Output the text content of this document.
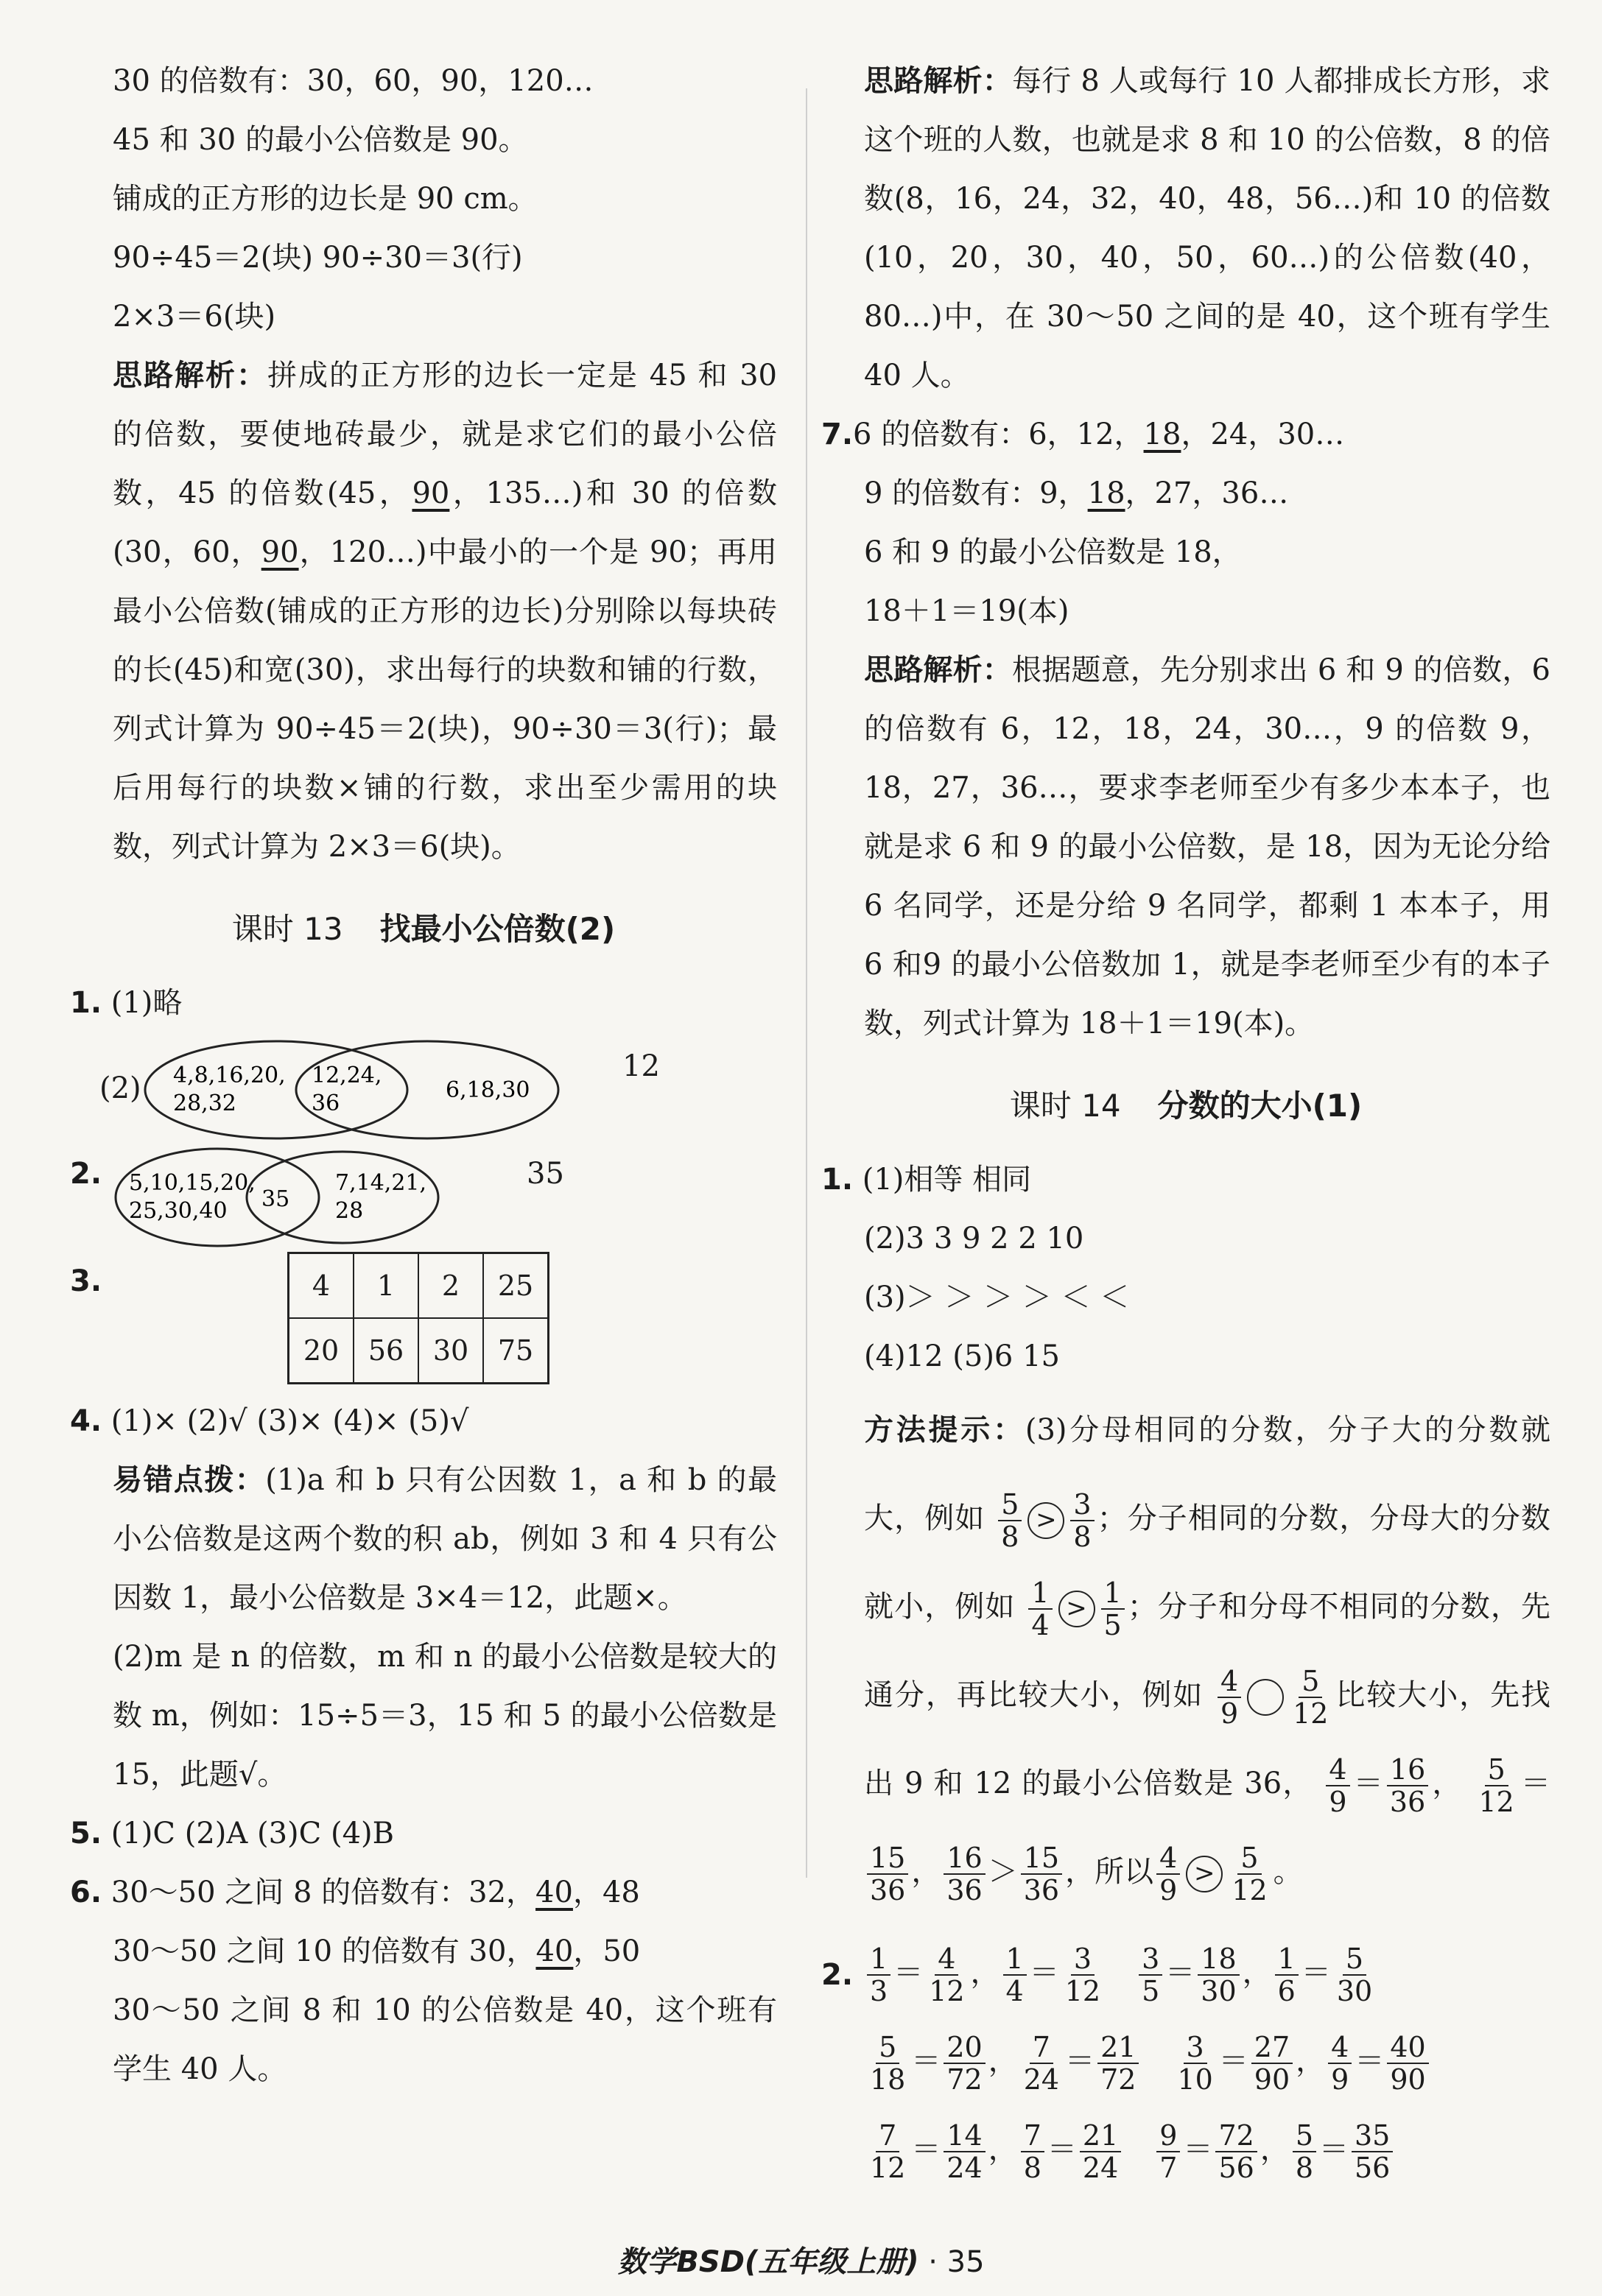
30 的倍数有：30，60，90，120…
45 和 30 的最小公倍数是 90。
铺成的正方形的边长是 90 cm。
90÷45＝2(块) 90÷30＝3(行)
2×3＝6(块)
思路解析：拼成的正方形的边长一定是 45 和 30 的倍数，要使地砖最少，就是求它们的最小公倍数，45 的倍数(45，90，135…)和 30 的倍数(30，60，90，120…)中最小的一个是 90；再用最小公倍数(铺成的正方形的边长)分别除以每块砖的长(45)和宽(30)，求出每行的块数和铺的行数，列式计算为 90÷45＝2(块)，90÷30＝3(行)；最后用每行的块数×铺的行数，求出至少需用的块数，列式计算为 2×3＝6(块)。
课时 13 找最小公倍数(2)
1. (1)略
(2) 4,8,16,20,
28,32
12,24,
36
6,18,30
12
2.	5,10,15,20,
25,30,40 35
7,14,21,
28
35
3.	4	1	2	25
20	56	30	75
4. (1)× (2)√ (3)× (4)× (5)√
易错点拨：(1)a 和 b 只有公因数 1，a 和 b 的最小公倍数是这两个数的积 ab，例如 3 和 4 只有公因数 1，最小公倍数是 3×4＝12，此题×。
(2)m 是 n 的倍数，m 和 n 的最小公倍数是较大的数 m，例如：15÷5＝3，15 和 5 的最小公倍数是 15，此题√。
5. (1)C (2)A (3)C (4)B
6. 30～50 之间 8 的倍数有：32，40，48
30～50 之间 10 的倍数有 30，40，50
30～50 之间 8 和 10 的公倍数是 40，这个班有学生 40 人。
思路解析：每行 8 人或每行 10 人都排成长方形，求这个班的人数，也就是求 8 和 10 的公倍数，8 的倍数(8，16，24，32，40，48，56…)和 10 的倍数(10，20，30，40，50，60…)的公倍数(40，80…)中，在 30～50 之间的是 40，这个班有学生 40 人。
7.6 的倍数有：6，12，18，24，30…
9 的倍数有：9，18，27，36…
6 和 9 的最小公倍数是 18，
18＋1＝19(本)
思路解析：根据题意，先分别求出 6 和 9 的倍数，6 的倍数有 6，12，18，24，30…，9 的倍数 9，18，27，36…，要求李老师至少有多少本本子，也就是求 6 和 9 的最小公倍数，是 18，因为无论分给 6 名同学，还是分给 9 名同学，都剩 1 本本子，用 6 和9 的最小公倍数加 1，就是李老师至少有的本子数，列式计算为 18＋1＝19(本)。
课时 14 分数的大小(1)
1. (1)相等 相同
(2)3 3 9 2 2 10
(3)＞ ＞ ＞ ＞ ＜ ＜
(4)12 (5)6 15
方法提示：(3)分母相同的分数，分子大的分数就大，例如 $\frac{5}{8} > \frac{3}{8}$ ；分子相同的分数，分母大的分数就小，例如 $\frac{1}{4} > \frac{1}{5}$ ；分子和分母不相同的分数，先通分，再比较大小，例如 $\frac{4}{9} \frac{5}{12}$ 比较大小，先找出 9 和 12 的最小公倍数是 36， $\frac{4}{9} = \frac{16}{36}$ ， $\frac{5}{12}$ ＝
$\frac{15}{36}$ ， $\frac{16}{36} > \frac{15}{36}$ ，所以 $\frac{4}{9} > \frac{5}{12}$ 。
2. $\frac{1}{3} = \frac{4}{12}$ ， $\frac{1}{4} = \frac{3}{12} \frac{3}{5} = \frac{18}{30}$ ， $\frac{1}{6} = \frac{5}{30}$
$\frac{5}{18} = \frac{20}{72}$ ， $\frac{7}{24} = \frac{21}{72} \frac{3}{10} = \frac{27}{90}$ ， $\frac{4}{9} = \frac{40}{90}$
$\frac{7}{12} = \frac{14}{24}$ ， $\frac{7}{8} = \frac{21}{24} \frac{9}{7} = \frac{72}{56}$ ， $\frac{5}{8} = \frac{35}{56}$
数学BSD(五年级上册) · 35
